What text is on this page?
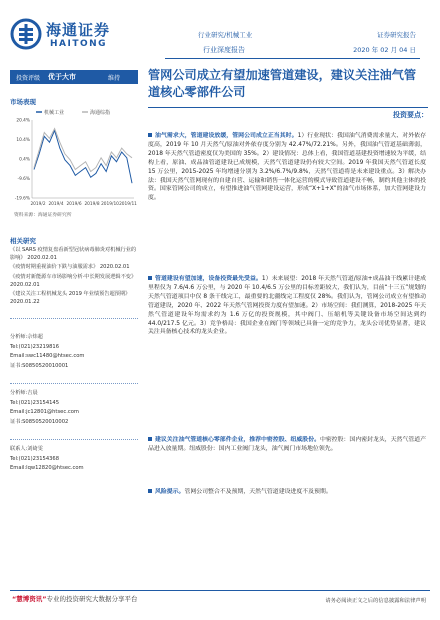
海通证券
HAITONG
行业研究/机械工业
行业深度报告
证券研究报告
2020 年 02 月 04 日
投资评级	优于大市	维持
市场表现
机械工业	海通综指
20.4%
10.4%
0.4%
-9.6%
-19.6%
2019/2 2019/4 2019/6 2019/8 2019/10 2019/11
资料来源：海通证券研究所
相关研究
《以 SARS 疫情复盘看新型冠状病毒肺炎对机械行业的影响》 2020.02.01
《疫情时期重视油价下跌与油服需求》 2020.02.01
《疫情对新能源车市场影响分析·中长期发展逻辑不变》 2020.02.01
《建议关注工程机械龙头 2019 年业绩预告超预期》 2020.01.22
分析师:佘炜超
Tel:(021)23219816
Email:swc11480@htsec.com
证书:S0850520010001
分析师:吉晨
Tel:(021)23154145
Email:jc12801@htsec.com
证书:S0850520010002
联系人:刘绮雯
Tel:(021)23154368
Email:lqw12820@htsec.com
管网公司成立有望加速管道建设，建议关注油气管道核心零部件公司
投资要点：
油气需求大，管道建设放缓，管网公司成立正当其时。1）行业现状：我国油气消费需求量大、对外依存度高，2019 年 10 月天然气/原油对外依存度分别为 42.47%/72.21%。另外，我国油气管道基础薄弱，2018 年天然气管道密度仅为美国的 35%。2）建设情况：总体上看，我国管道基建投资增速较为平缓，结构上看，原油、成品油管道建设已成规模，天然气管道建设仍有较大空间。2019 年我国天然气管道长度 15 万公里，2015-2025 年均增速分别为 3.2%/6.7%/9.8%，天然气管道将是未来建设重点。3）解决办法：我国天然气管网现有的自建自营、运输和销售一体化运营的模式导致管道建设不畅，制约其他主体的投资。国家管网公司的成立，有望推进油气管网建设运营，形成“X+1+X”的油气市场体系，加大管网建设力度。
管道建设有望加速，设备投资最先受益。1）未来展望：2018 年天然气管道/原油+成品油干线累计建成里程仅为 7.6/4.6 万公里，与 2020 年 10.4/6.5 万公里的目标差距较大，我们认为，目前“十三五”规划的天然气管道项目中仅 8 条干线完工，最重要的北疆线完工程度仅 28%。我们认为，管网公司成立有望推动管道建设，2020 年、2022 年天然气管网投资力度有望加速。2）市场空间：我们测算，2018-2025 年天然气管道建设年均需求约为 1.6 万亿的投资规模，其中阀门、压缩机等关键设备市场空间达到约 44.0/217.5 亿元。3）竞争格局：我国企业在阀门等领域已具备一定的竞争力，龙头公司优势显著，建议关注具备核心技术的龙头企业。
建议关注油气管道核心零部件企业，推荐中密控股、纽威股份。中密控股：国内密封龙头，天然气管道产品进入放量期。纽威股份：国内工业阀门龙头，油气阀门市场地位领先。
风险提示。管网公司整合不及预期，天然气管道建设进度不及预期。
“慧博资讯”专业的投资研究大数据分享平台	请务必阅读正文之后的信息披露和法律声明
